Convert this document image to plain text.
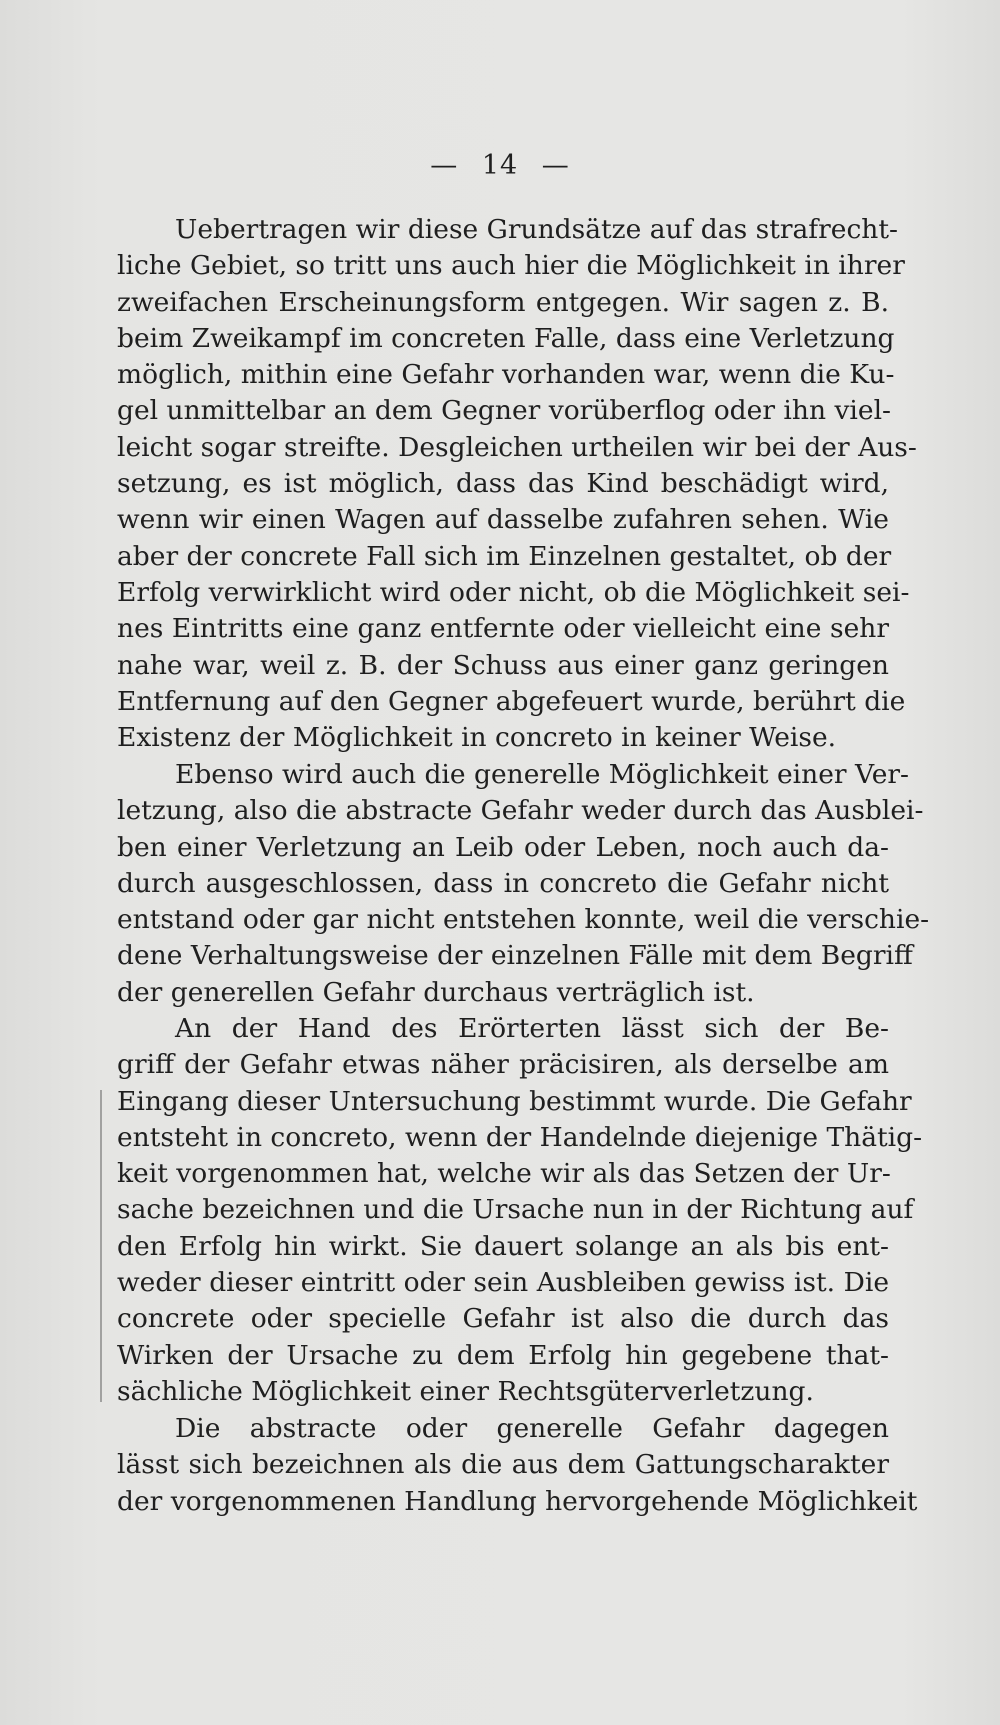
— 14 —
Uebertragen wir diese Grundsätze auf das strafrecht-
liche Gebiet, so tritt uns auch hier die Möglichkeit in ihrer
zweifachen Erscheinungsform entgegen. Wir sagen z. B.
beim Zweikampf im concreten Falle, dass eine Verletzung
möglich, mithin eine Gefahr vorhanden war, wenn die Ku-
gel unmittelbar an dem Gegner vorüberflog oder ihn viel-
leicht sogar streifte. Desgleichen urtheilen wir bei der Aus-
setzung, es ist möglich, dass das Kind beschädigt wird,
wenn wir einen Wagen auf dasselbe zufahren sehen. Wie
aber der concrete Fall sich im Einzelnen gestaltet, ob der
Erfolg verwirklicht wird oder nicht, ob die Möglichkeit sei-
nes Eintritts eine ganz entfernte oder vielleicht eine sehr
nahe war, weil z. B. der Schuss aus einer ganz geringen
Entfernung auf den Gegner abgefeuert wurde, berührt die
Existenz der Möglichkeit in concreto in keiner Weise.
Ebenso wird auch die generelle Möglichkeit einer Ver-
letzung, also die abstracte Gefahr weder durch das Ausblei-
ben einer Verletzung an Leib oder Leben, noch auch da-
durch ausgeschlossen, dass in concreto die Gefahr nicht
entstand oder gar nicht entstehen konnte, weil die verschie-
dene Verhaltungsweise der einzelnen Fälle mit dem Begriff
der generellen Gefahr durchaus verträglich ist.
An der Hand des Erörterten lässt sich der Be-
griff der Gefahr etwas näher präcisiren, als derselbe am
Eingang dieser Untersuchung bestimmt wurde. Die Gefahr
entsteht in concreto, wenn der Handelnde diejenige Thätig-
keit vorgenommen hat, welche wir als das Setzen der Ur-
sache bezeichnen und die Ursache nun in der Richtung auf
den Erfolg hin wirkt. Sie dauert solange an als bis ent-
weder dieser eintritt oder sein Ausbleiben gewiss ist. Die
concrete oder specielle Gefahr ist also die durch das
Wirken der Ursache zu dem Erfolg hin gegebene that-
sächliche Möglichkeit einer Rechtsgüterverletzung.
Die abstracte oder generelle Gefahr dagegen
lässt sich bezeichnen als die aus dem Gattungscharakter
der vorgenommenen Handlung hervorgehende Möglichkeit
